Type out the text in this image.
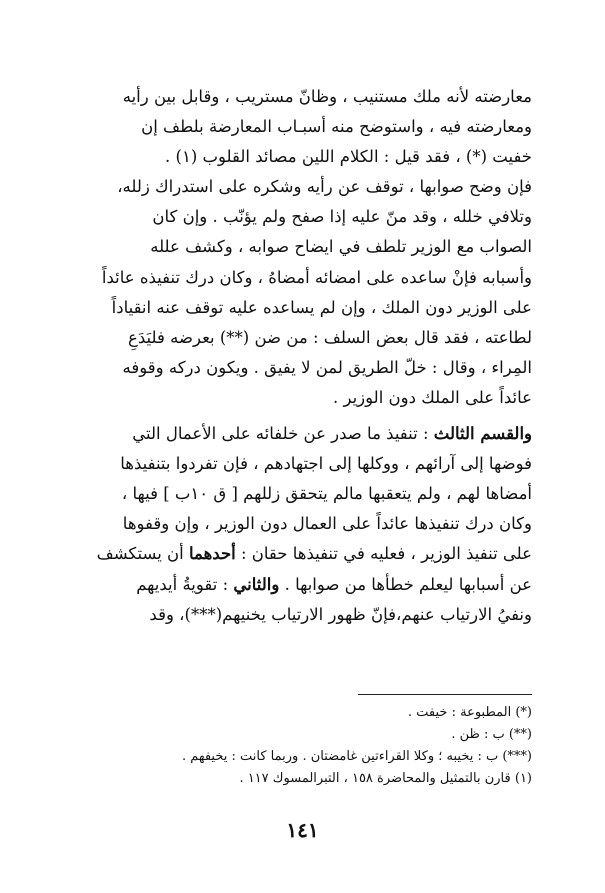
معارضته لأنه ملك مستنيب ، وظانّ مستريب ، وقابل بين رأيه
ومعارضته فيه ، واستوضح منه أسبـاب المعارضة بلطف إن
خفيت (*) ، فقد قيل : الكلام اللين مصائد القلوب (١) .
فإن وضح صوابها ، توقف عن رأيه وشكره على استدراك زلله،
وتلافي خلله ، وقد منّ عليه إذا صفح ولم يؤنّب . وإن كان
الصواب مع الوزير تلطف في ايضاح صوابه ، وكشف علله
وأسبابه فإنْ ساعده على امضائه أمضاهُ ، وكان درك تنفيذه عائداً
على الوزير دون الملك ، وإن لم يساعده عليه توقف عنه انقياداً
لطاعته ، فقد قال بعض السلف : من ضن (**) بعرضه فليَدَعِ
المِراء ، وقال : خلّ الطريق لمن لا يفيق . ويكون دركه وقوفه
عائداً على الملك دون الوزير .
والقسم الثالث : تنفيذ ما صدر عن خلفائه على الأعمال التي
فوضها إلى آرائهم ، ووكلها إلى اجتهادهم ، فإن تفردوا بتنفيذها
أمضاها لهم ، ولم يتعقبها مالم يتحقق زللهم [ ق ١٠ب ] فيها ،
وكان درك تنفيذها عائداً على العمال دون الوزير ، وإن وقفوها
على تنفيذ الوزير ، فعليه في تنفيذها حقان : أحدهما أن يستكشف
عن أسبابها ليعلم خطأها من صوابها . والثاني : تقويةُ أيديهم
ونفيُ الارتياب عنهم،فإنّ ظهور الارتياب يخنيهم(***)، وقد
(*) المطبوعة : خيفت .
(**) ب : ظن .
(***) ب : يخيبه ؛ وكلا القراءتين غامضتان . وربما كانت : يخيفهم .
(١) قارن بالتمثيل والمحاضرة ١٥٨ ، التبرالمسوك ١١٧ .
١٤١
